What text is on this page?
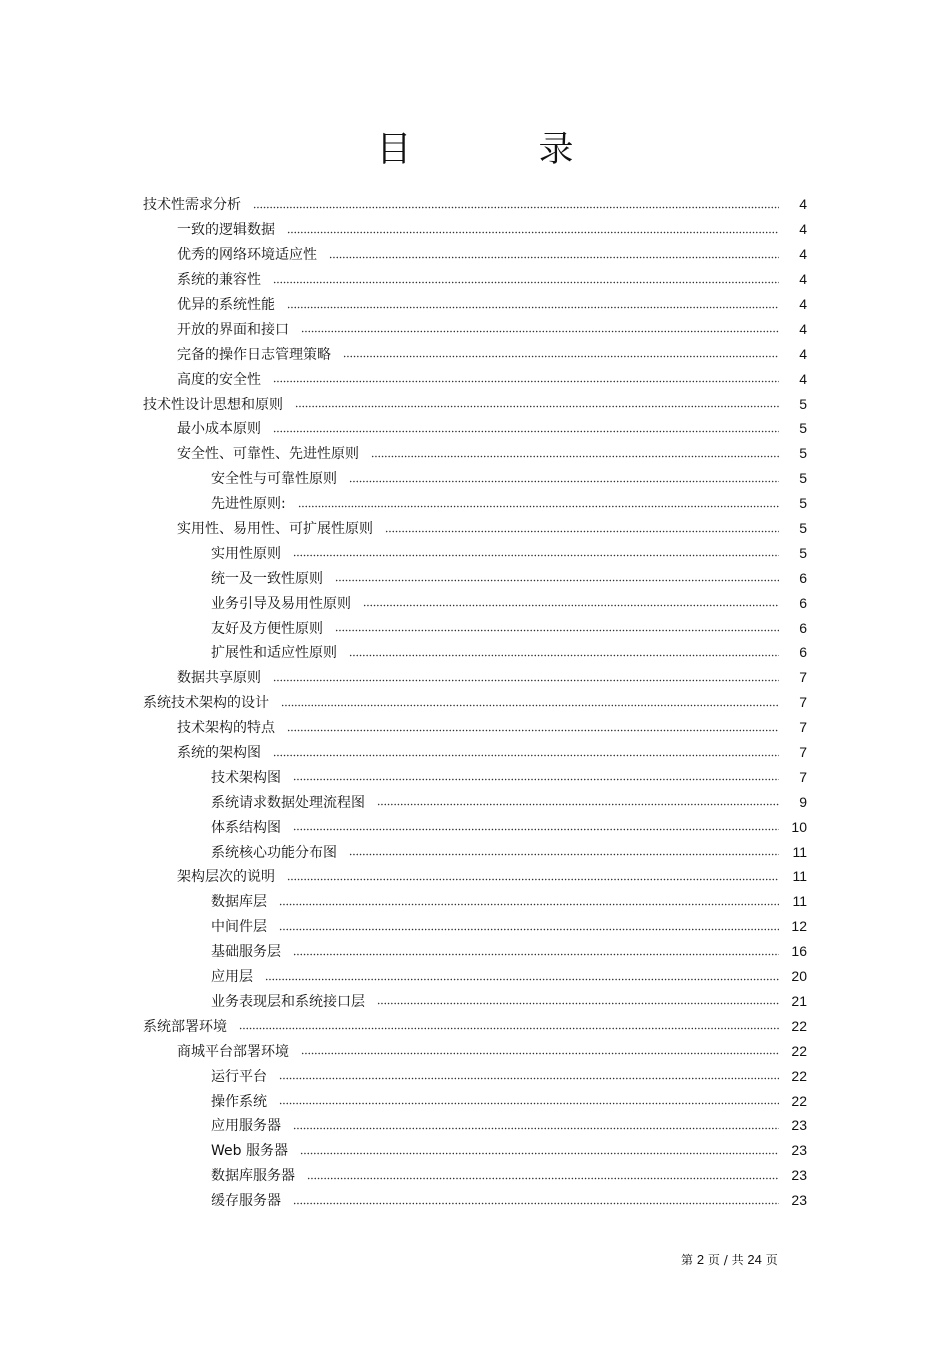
目 录
技术性需求分析	4
一致的逻辑数据	4
优秀的网络环境适应性	4
系统的兼容性	4
优异的系统性能	4
开放的界面和接口	4
完备的操作日志管理策略	4
高度的安全性	4
技术性设计思想和原则	5
最小成本原则	5
安全性、可靠性、先进性原则	5
安全性与可靠性原则	5
先进性原则:	5
实用性、易用性、可扩展性原则	5
实用性原则	5
统一及一致性原则	6
业务引导及易用性原则	6
友好及方便性原则	6
扩展性和适应性原则	6
数据共享原则	7
系统技术架构的设计	7
技术架构的特点	7
系统的架构图	7
技术架构图	7
系统请求数据处理流程图	9
体系结构图	10
系统核心功能分布图	11
架构层次的说明	11
数据库层	11
中间件层	12
基础服务层	16
应用层	20
业务表现层和系统接口层	21
系统部署环境	22
商城平台部署环境	22
运行平台	22
操作系统	22
应用服务器	23
Web 服务器	23
数据库服务器	23
缓存服务器	23
第 2 页 / 共 24 页
